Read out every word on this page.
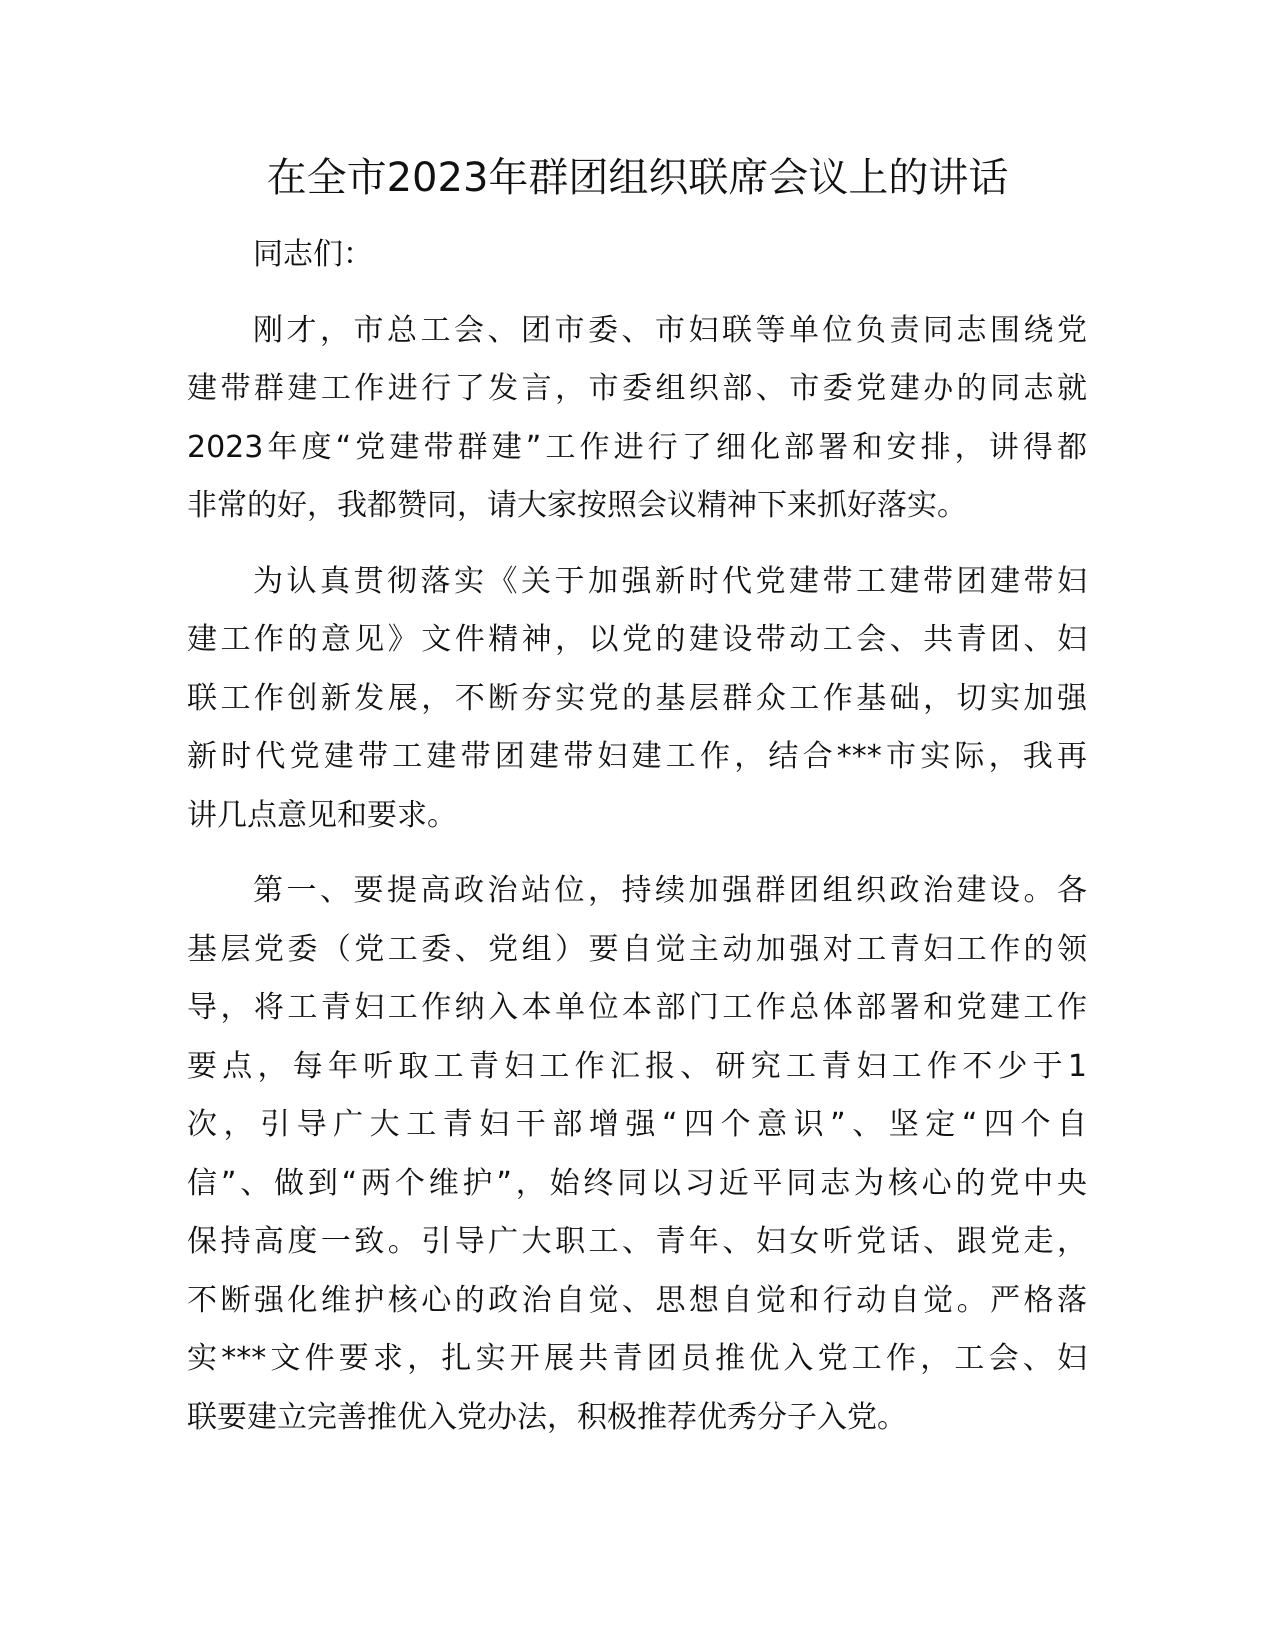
在全市2023年群团组织联席会议上的讲话

同志们：

刚才，市总工会、团市委、市妇联等单位负责同志围绕党
建带群建工作进行了发言，市委组织部、市委党建办的同志就
2023年度“党建带群建”工作进行了细化部署和安排，讲得都
非常的好，我都赞同，请大家按照会议精神下来抓好落实。
为认真贯彻落实《关于加强新时代党建带工建带团建带妇
建工作的意见》文件精神，以党的建设带动工会、共青团、妇
联工作创新发展，不断夯实党的基层群众工作基础，切实加强
新时代党建带工建带团建带妇建工作，结合***市实际，我再
讲几点意见和要求。
第一、要提高政治站位，持续加强群团组织政治建设。各
基层党委（党工委、党组）要自觉主动加强对工青妇工作的领
导，将工青妇工作纳入本单位本部门工作总体部署和党建工作
要点，每年听取工青妇工作汇报、研究工青妇工作不少于1
次，引导广大工青妇干部增强“四个意识”、坚定“四个自
信”、做到“两个维护”，始终同以习近平同志为核心的党中央
保持高度一致。引导广大职工、青年、妇女听党话、跟党走，
不断强化维护核心的政治自觉、思想自觉和行动自觉。严格落
实***文件要求，扎实开展共青团员推优入党工作，工会、妇
联要建立完善推优入党办法，积极推荐优秀分子入党。
